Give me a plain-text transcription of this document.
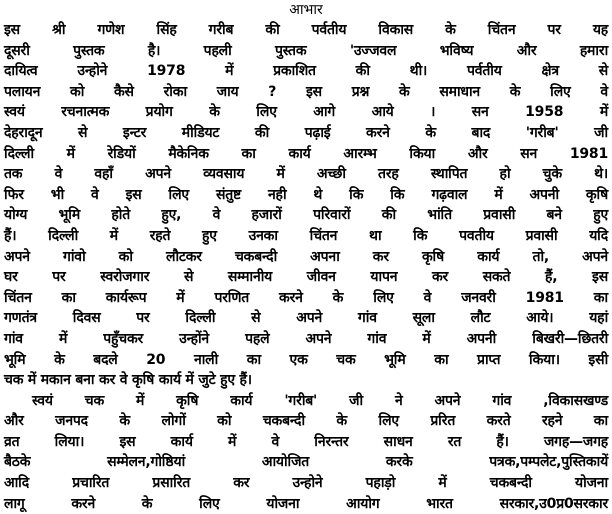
आभार
इस श्री गणेश सिंह गरीब की पर्वतीय विकास के चिंतन पर यह
दूसरी पुस्तक है। पहली पुस्तक 'उज्जवल भविष्य और हमारा
दायित्व उन्होने 1978 में प्रकाशित की थी। पर्वतीय क्षेत्र से
पलायन को कैसे रोका जाय ? इस प्रश्न के समाधान के लिए वे
स्वयं रचनात्मक प्रयोग के लिए आगे आये । सन 1958 में
देहरादून से इन्टर मीडियट की पढ़ाई करने के बाद 'गरीब' जी
दिल्ली में रेडियों मैकेनिक का कार्य आरम्भ किया और सन 1981
तक वे वहाँ अपने व्यवसाय में अच्छी तरह स्थापित हो चुके थे।
फिर भी वे इस लिए संतुष्ट नही थे कि कि गढ़वाल में अपनी कृषि
योग्य भूमि होते हुए, वे हजारों परिवारों की भांति प्रवासी बने हुए
हैं। दिल्ली में रहते हुए उनका चिंतन था कि पवतीय प्रवासी यदि
अपने गांवो को लौटकर चकबन्दी अपना कर कृषि कार्य तो, अपने
घर पर स्वरोजगार से सम्मानीय जीवन यापन कर सकते हैं, इस
चिंतन का कार्यरूप में परणित करने के लिए वे जनवरी 1981 का
गणतंत्र दिवस पर दिल्ली से अपने गांव सूला लौट आये। यहां
गांव में पहुँचकर उन्होंने पहले अपने गांव में अपनी बिखरी—छितरी
भूमि के बदले 20 नाली का एक चक भूमि का प्राप्त किया। इसी
चक में मकान बना कर वे कृषि कार्य में जुटे हुए हैं।
स्वयं चक में कृषि कार्य 'गरीब' जी ने अपने गांव ,विकासखण्ड
और जनपद के लोगों को चकबन्दी के लिए प्ररित करते रहने का
व्रत लिया। इस कार्य में वे निरन्तर साधन रत हैं। जगह—जगह
बैठके सम्मेलन,गोष्ठियां आयोजित करके पत्रक,पम्पलेट,पुस्तिकायें
आदि प्रचारित प्रसारित कर उन्होने पहाड़ो में चकबन्दी योजना
लागू करने के लिए योजना आयोग भारत सरकार,उ0प्र0सरकार
